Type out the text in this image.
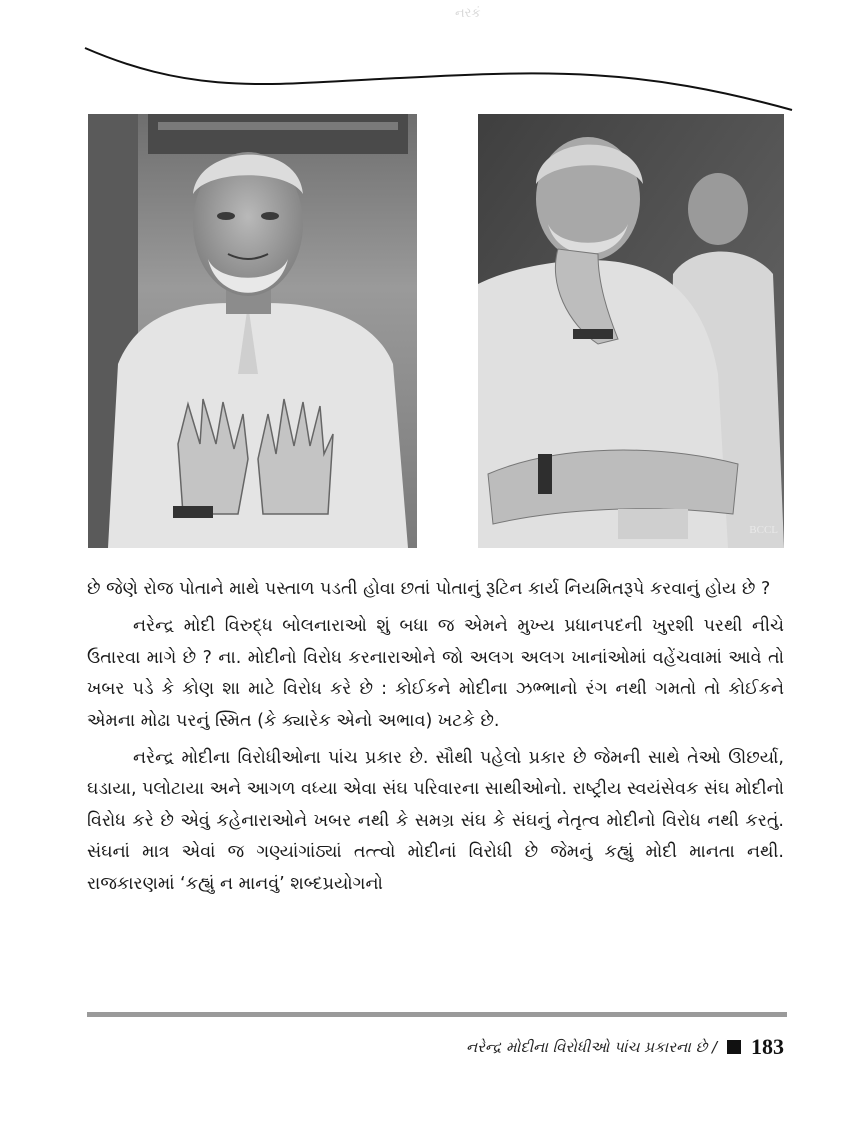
નરકં
BCCL

છે જેણે રોજ પોતાને માથે પસ્તાળ પડતી હોવા છતાં પોતાનું રૂટિન કાર્ય નિયમિતરૂપે કરવાનું હોય છે ?

નરેન્દ્ર મોદી વિરુદ્ધ બોલનારાઓ શું બધા જ એમને મુખ્ય પ્રધાનપદની ખુરશી પરથી નીચે ઉતારવા માગે છે ? ના. મોદીનો વિરોધ કરનારાઓને જો અલગ અલગ ખાનાંઓમાં વહેંચવામાં આવે તો ખબર પડે કે કોણ શા માટે વિરોધ કરે છે : કોઈકને મોદીના ઝભ્ભાનો રંગ નથી ગમતો તો કોઈકને એમના મોઢા પરનું સ્મિત (કે ક્યારેક એનો અભાવ) ખટકે છે.

નરેન્દ્ર મોદીના વિરોધીઓના પાંચ પ્રકાર છે. સૌથી પહેલો પ્રકાર છે જેમની સાથે તેઓ ઊછર્યા, ઘડાયા, પલોટાયા અને આગળ વધ્યા એવા સંઘ પરિવારના સાથીઓનો. રાષ્ટ્રીય સ્વયંસેવક સંઘ મોદીનો વિરોધ કરે છે એવું કહેનારાઓને ખબર નથી કે સમગ્ર સંઘ કે સંઘનું નેતૃત્વ મોદીનો વિરોધ નથી કરતું. સંઘનાં માત્ર એવાં જ ગણ્યાંગાંઠ્યાં તત્ત્વો મોદીનાં વિરોધી છે જેમનું કહ્યું મોદી માનતા નથી. રાજકારણમાં ‘કહ્યું ન માનવું’ શબ્દપ્રયોગનો

નરેન્દ્ર મોદીના વિરોધીઓ પાંચ પ્રકારના છે / 183
